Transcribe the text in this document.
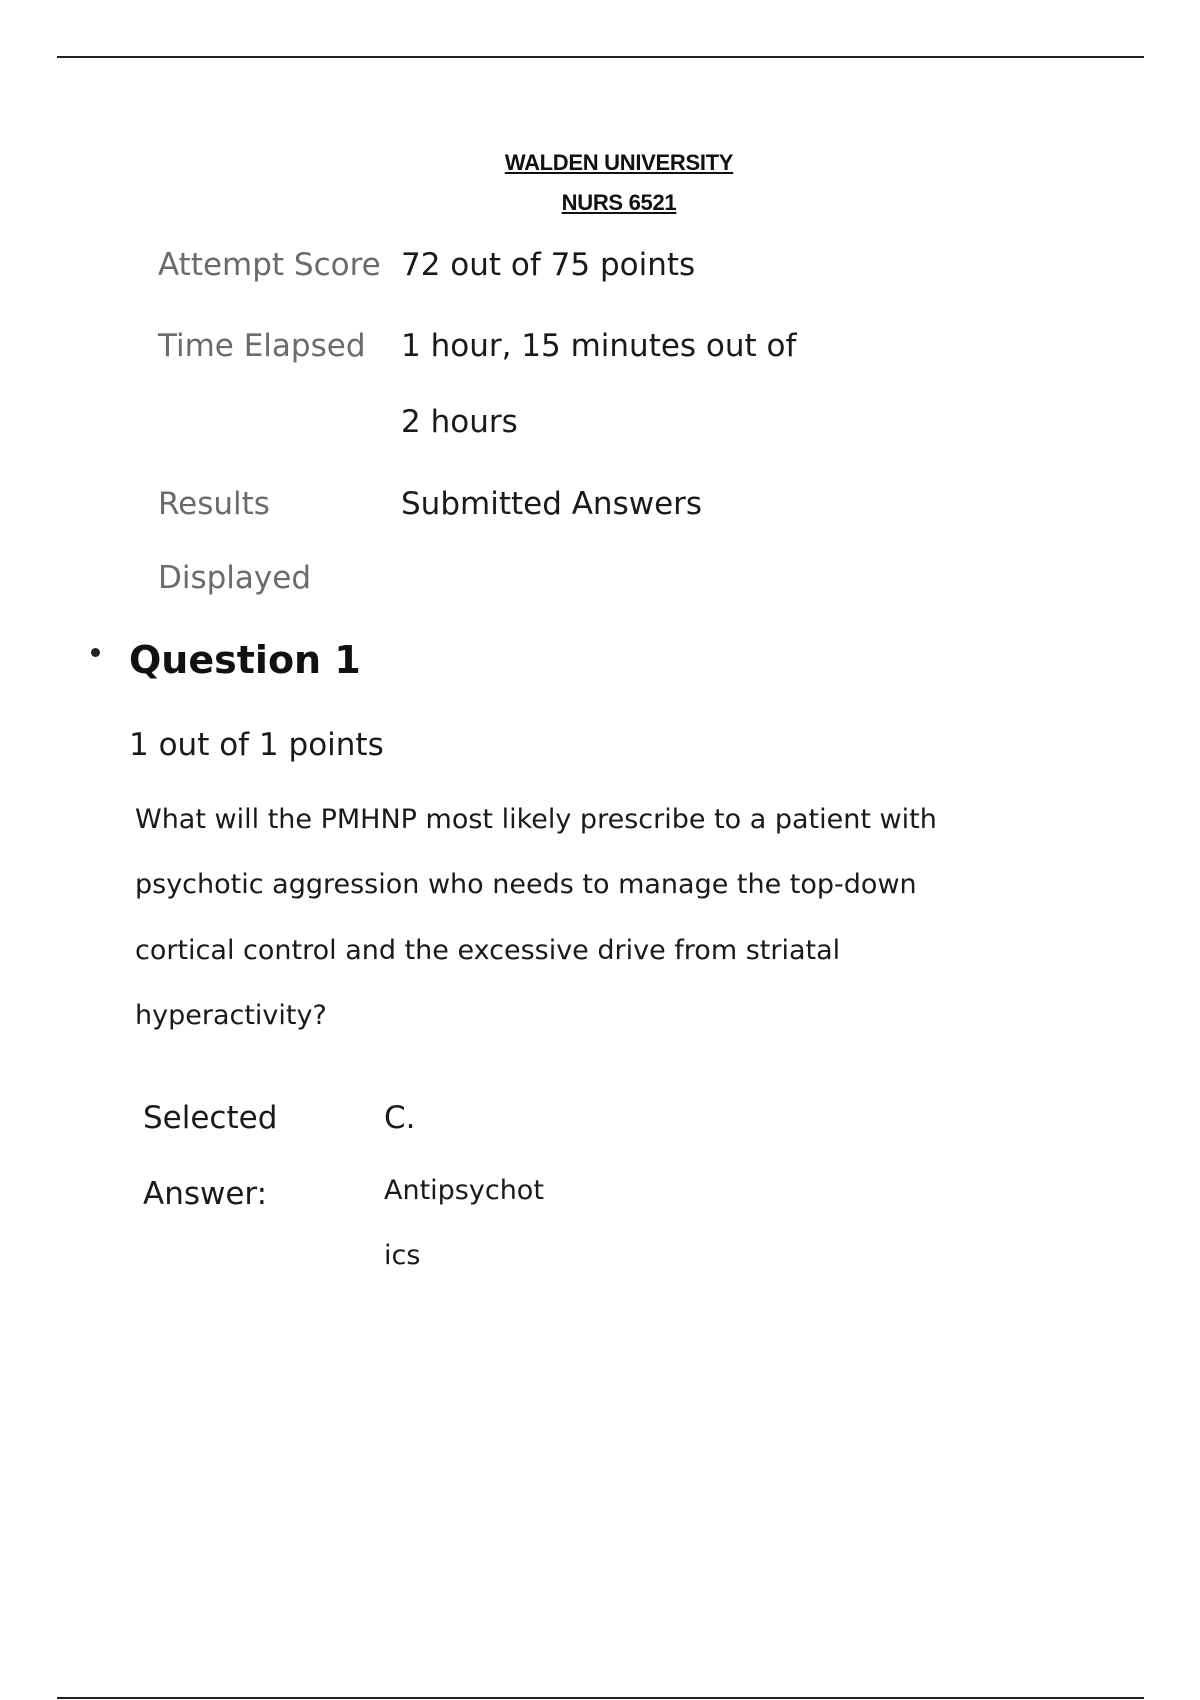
WALDEN UNIVERSITY
NURS 6521
Attempt Score 72 out of 75 points
Time Elapsed 1 hour, 15 minutes out of
2 hours
Results	Submitted Answers
Displayed
Question 1
1 out of 1 points
What will the PMHNP most likely prescribe to a patient with
psychotic aggression who needs to manage the top-down
cortical control and the excessive drive from striatal
hyperactivity?
Selected	C.
Answer:	Antipsychot
ics
